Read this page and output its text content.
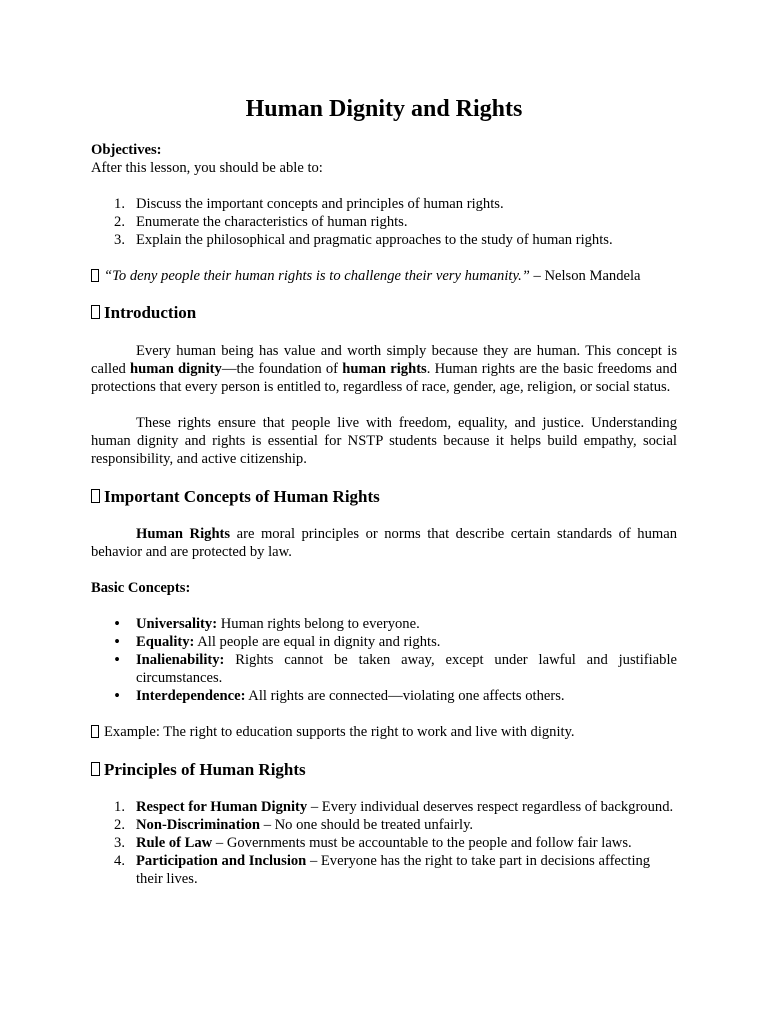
Human Dignity and Rights
Objectives:
After this lesson, you should be able to:
1. Discuss the important concepts and principles of human rights.
2. Enumerate the characteristics of human rights.
3. Explain the philosophical and pragmatic approaches to the study of human rights.
“To deny people their human rights is to challenge their very humanity.” – Nelson Mandela
Introduction

Every human being has value and worth simply because they are human. This concept is called human dignity—the foundation of human rights. Human rights are the basic freedoms and protections that every person is entitled to, regardless of race, gender, age, religion, or social status.

These rights ensure that people live with freedom, equality, and justice. Understanding human dignity and rights is essential for NSTP students because it helps build empathy, social responsibility, and active citizenship.

Important Concepts of Human Rights

Human Rights are moral principles or norms that describe certain standards of human behavior and are protected by law.

Basic Concepts:
• Universality: Human rights belong to everyone.
• Equality: All people are equal in dignity and rights.
• Inalienability: Rights cannot be taken away, except under lawful and justifiable circumstances.
• Interdependence: All rights are connected—violating one affects others.
Example: The right to education supports the right to work and live with dignity.
Principles of Human Rights
1. Respect for Human Dignity – Every individual deserves respect regardless of background.
2. Non-Discrimination – No one should be treated unfairly.
3. Rule of Law – Governments must be accountable to the people and follow fair laws.
4. Participation and Inclusion – Everyone has the right to take part in decisions affecting their lives.
